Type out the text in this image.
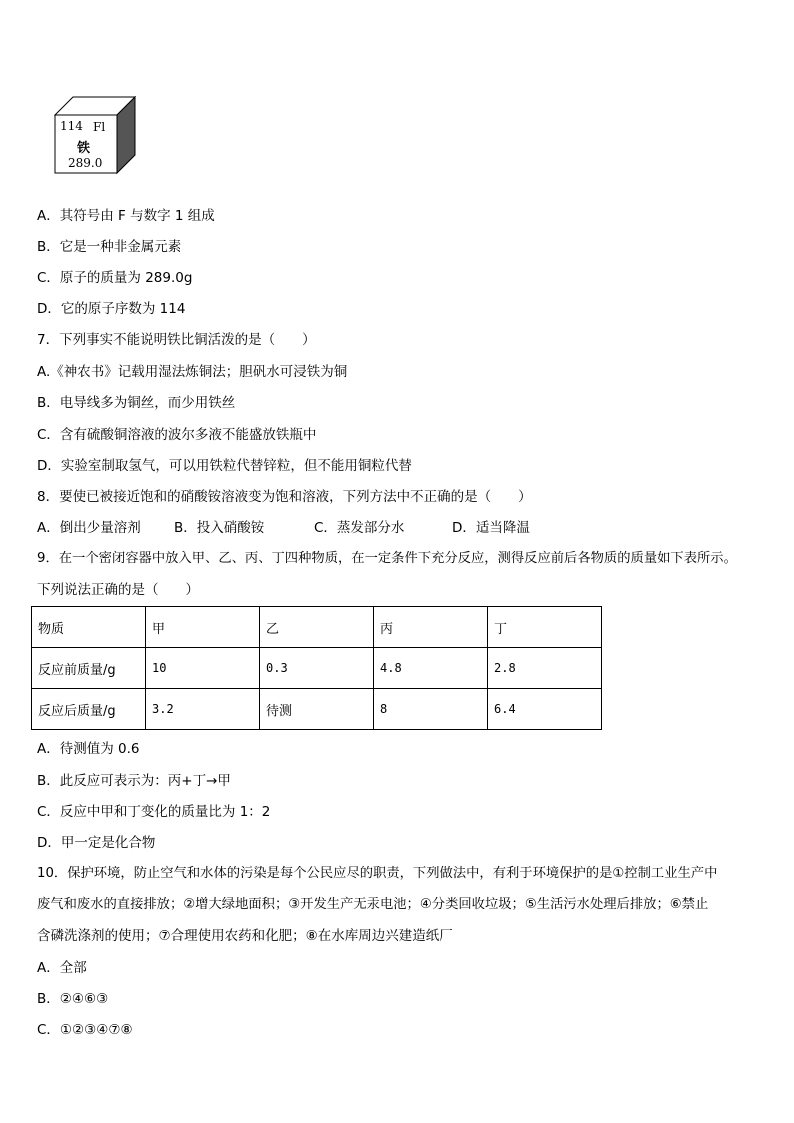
114 Fl
铁
289.0
A．其符号由 F 与数字 1 组成
B．它是一种非金属元素
C．原子的质量为 289.0g
D．它的原子序数为 114
7．下列事实不能说明铁比铜活泼的是（　　）
A.《神农书》记载用湿法炼铜法；胆矾水可浸铁为铜
B．电导线多为铜丝，而少用铁丝
C．含有硫酸铜溶液的波尔多液不能盛放铁瓶中
D．实验室制取氢气，可以用铁粒代替锌粒，但不能用铜粒代替
8．要使已被接近饱和的硝酸铵溶液变为饱和溶液，下列方法中不正确的是（　　）
A．倒出少量溶剂 B．投入硝酸铵	C．蒸发部分水	D．适当降温
9．在一个密闭容器中放入甲、乙、丙、丁四种物质，在一定条件下充分反应，测得反应前后各物质的质量如下表所示。
下列说法正确的是（　　）
物质	甲	乙	丙	丁
反应前质量/g	10	0.3	4.8	2.8
反应后质量/g	3.2	待测	8	6.4
A．待测值为 0.6
B．此反应可表示为：丙+丁→甲
C．反应中甲和丁变化的质量比为 1：2
D．甲一定是化合物
10．保护环境，防止空气和水体的污染是每个公民应尽的职责，下列做法中，有利于环境保护的是①控制工业生产中
废气和废水的直接排放；②增大绿地面积；③开发生产无汞电池；④分类回收垃圾；⑤生活污水处理后排放；⑥禁止
含磷洗涤剂的使用；⑦合理使用农药和化肥；⑧在水库周边兴建造纸厂
A．全部
B．②④⑥③
C．①②③④⑦⑧
